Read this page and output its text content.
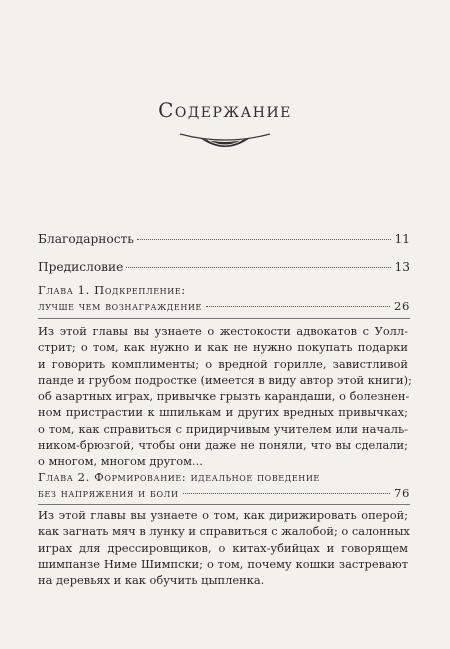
Содержание
Благодарность	11
Предисловие	13
Глава 1. Подкрепление:
лучше чем вознаграждение	26
Из этой главы вы узнаете о жестокости адвокатов с Уолл-
стрит; о том, как нужно и как не нужно покупать подарки
и говорить комплименты; о вредной горилле, завистливой
панде и грубом подростке (имеется в виду автор этой книги);
об азартных играх, привычке грызть карандаши, о болезнен-
ном пристрастии к шпилькам и других вредных привычках;
о том, как справиться с придирчивым учителем или началь-
ником-брюзгой, чтобы они даже не поняли, что вы сделали;
о многом, многом другом...
Глава 2. Формирование: идеальное поведение
без напряжения и боли	76
Из этой главы вы узнаете о том, как дирижировать оперой;
как загнать мяч в лунку и справиться с жалобой; о салонных
играх для дрессировщиков, о китах-убийцах и говорящем
шимпанзе Ниме Шимпски; о том, почему кошки застревают
на деревьях и как обучить цыпленка.
